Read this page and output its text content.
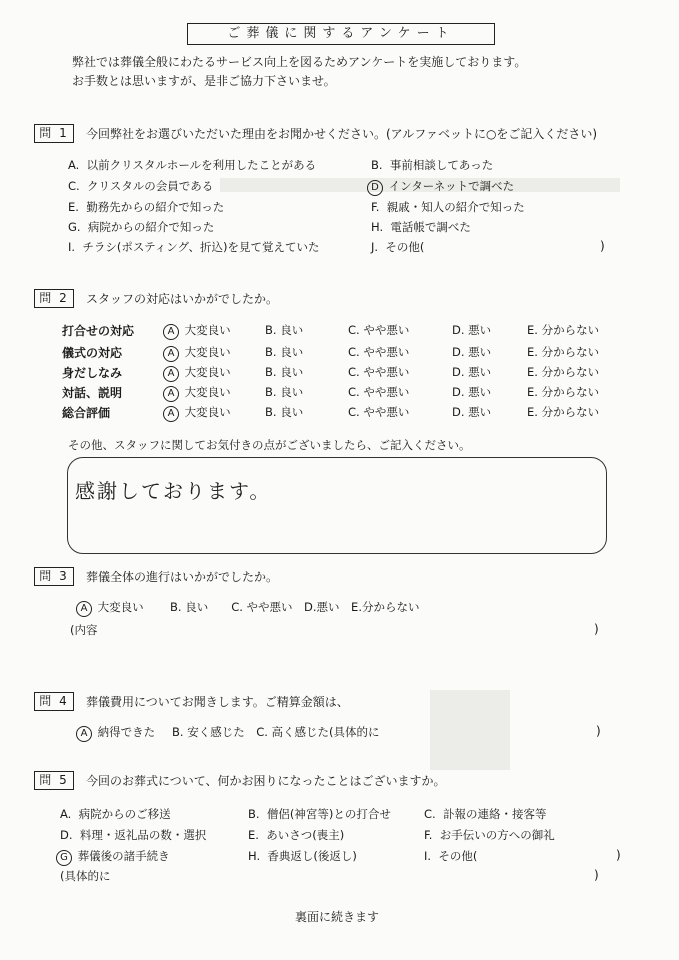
ご葬儀に関するアンケート
弊社では葬儀全般にわたるサービス向上を図るためアンケートを実施しております。
お手数とは思いますが、是非ご協力下さいませ。
問 1	今回弊社をお選びいただいた理由をお聞かせください。(アルファベットに○をご記入ください)
A. 以前クリスタルホールを利用したことがある	B. 事前相談してあった
C. クリスタルの会員である	D インターネットで調べた
E. 勤務先からの紹介で知った	F. 親戚・知人の紹介で知った
G. 病院からの紹介で知った	H. 電話帳で調べた
I. チラシ(ポスティング、折込)を見て覚えていた	J. その他(	)
問 2	スタッフの対応はいかがでしたか。
打合せの対応	A 大変良い	B. 良い	C. やや悪い	D. 悪い	E. 分からない
儀式の対応	A 大変良い	B. 良い	C. やや悪い	D. 悪い	E. 分からない
身だしなみ	A 大変良い	B. 良い	C. やや悪い	D. 悪い	E. 分からない
対話、説明	A 大変良い	B. 良い	C. やや悪い	D. 悪い	E. 分からない
総合評価	A 大変良い	B. 良い	C. やや悪い	D. 悪い	E. 分からない
その他、スタッフに関してお気付きの点がございましたら、ご記入ください。
感謝しております。
問 3	葬儀全体の進行はいかがでしたか。
A 大変良い B. 良い　　C. やや悪い　D.悪い　E.分からない
(内容	)
問 4	葬儀費用についてお聞きします。ご精算金額は、
A 納得できた B. 安く感じた　C. 高く感じた(具体的に	)
問 5	今回のお葬式について、何かお困りになったことはございますか。
A. 病院からのご移送	B. 僧侶(神宮等)との打合せ	C. 訃報の連絡・接客等
D. 料理・返礼品の数・選択	E. あいさつ(喪主)	F. お手伝いの方への御礼
G 葬儀後の諸手続き	H. 香典返し(後返し)	I. その他(	)
(具体的に	)
裏面に続きます
